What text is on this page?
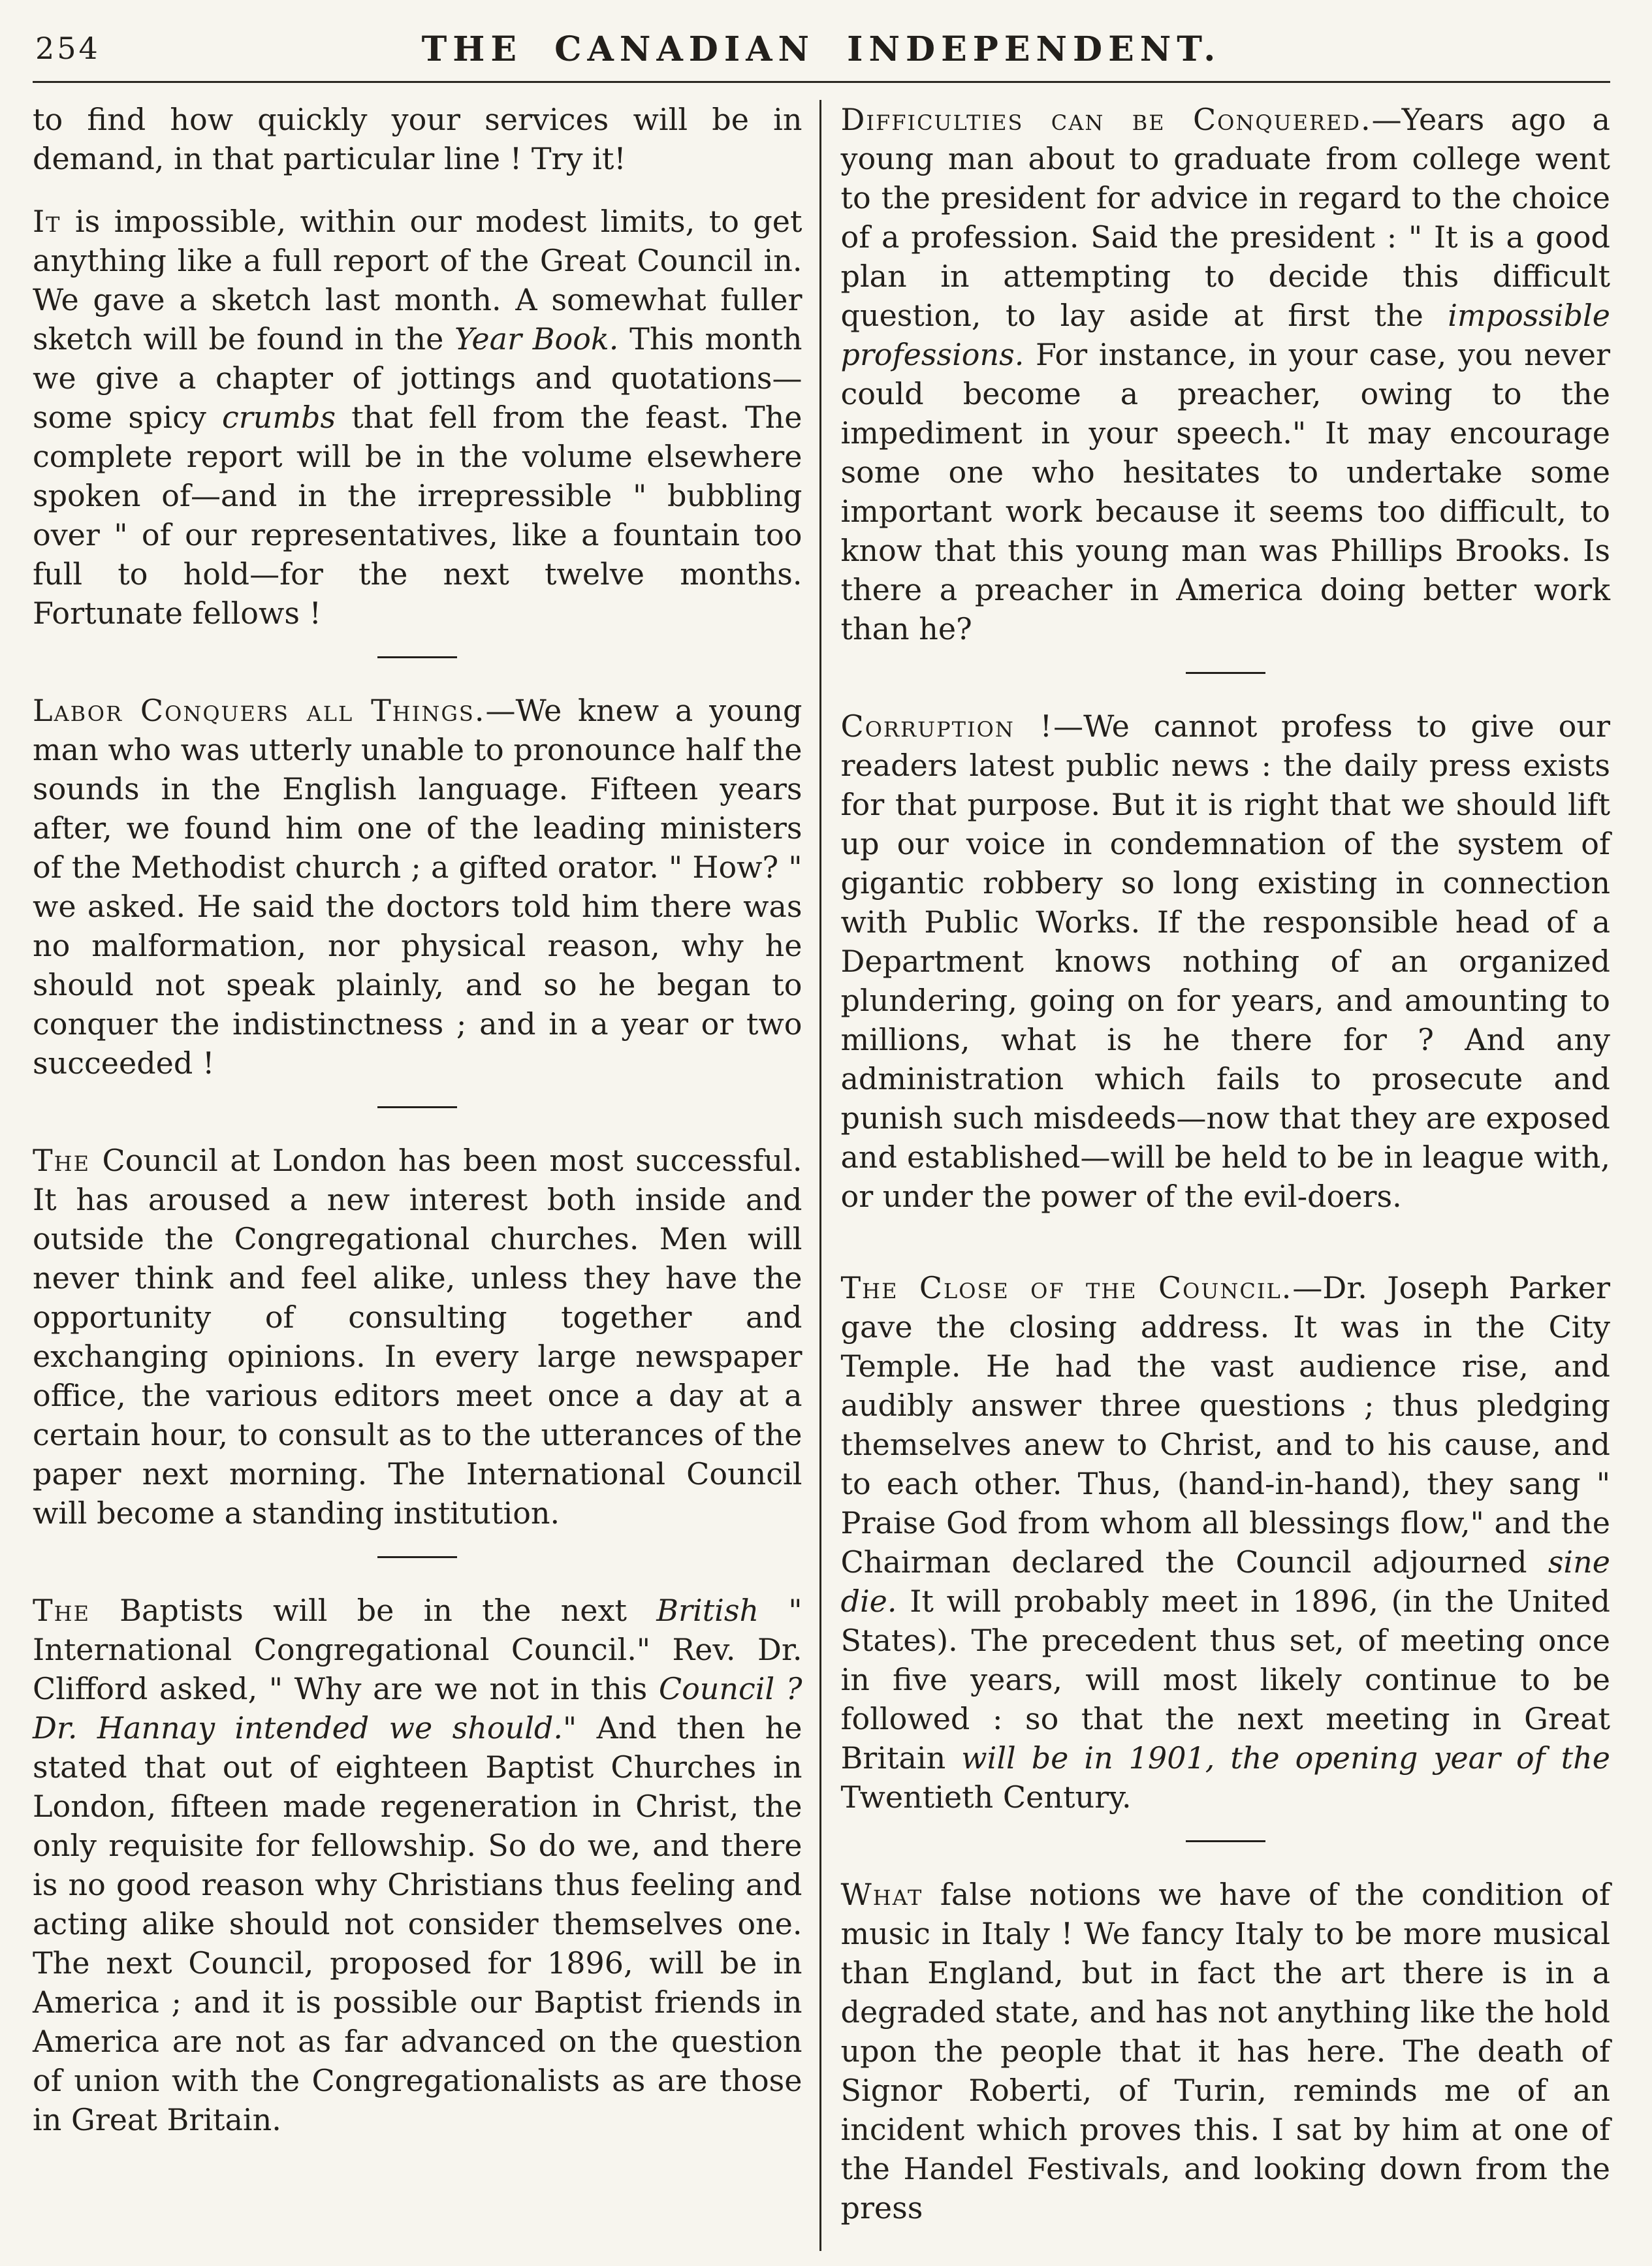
254	THE CANADIAN INDEPENDENT.

to find how quickly your services will be in demand, in that particular line ! Try it!

It is impossible, within our modest limits, to get anything like a full report of the Great Council in. We gave a sketch last month. A somewhat fuller sketch will be found in the Year Book. This month we give a chapter of jottings and quotations—some spicy crumbs that fell from the feast. The complete report will be in the volume elsewhere spoken of—and in the irrepressible " bubbling over " of our representatives, like a fountain too full to hold—for the next twelve months. Fortunate fellows !

Labor Conquers all Things.—We knew a young man who was utterly unable to pronounce half the sounds in the English language. Fifteen years after, we found him one of the leading ministers of the Methodist church ; a gifted orator. " How? " we asked. He said the doctors told him there was no malformation, nor physical reason, why he should not speak plainly, and so he began to conquer the indistinctness ; and in a year or two succeeded !

The Council at London has been most successful. It has aroused a new interest both inside and outside the Congregational churches. Men will never think and feel alike, unless they have the opportunity of consulting together and exchanging opinions. In every large newspaper office, the various editors meet once a day at a certain hour, to consult as to the utterances of the paper next morning. The International Council will become a standing institution.

The Baptists will be in the next British " International Congregational Council." Rev. Dr. Clifford asked, " Why are we not in this Council ? Dr. Hannay intended we should." And then he stated that out of eighteen Baptist Churches in London, fifteen made regeneration in Christ, the only requisite for fellowship. So do we, and there is no good reason why Christians thus feeling and acting alike should not consider themselves one. The next Council, proposed for 1896, will be in America ; and it is possible our Baptist friends in America are not as far advanced on the question of union with the Congregationalists as are those in Great Britain.

Difficulties can be Conquered.—Years ago a young man about to graduate from college went to the president for advice in regard to the choice of a profession. Said the president : " It is a good plan in attempting to decide this difficult question, to lay aside at first the impossible professions. For instance, in your case, you never could become a preacher, owing to the impediment in your speech." It may encourage some one who hesitates to undertake some important work because it seems too difficult, to know that this young man was Phillips Brooks. Is there a preacher in America doing better work than he?

Corruption !—We cannot profess to give our readers latest public news : the daily press exists for that purpose. But it is right that we should lift up our voice in condemnation of the system of gigantic robbery so long existing in connection with Public Works. If the responsible head of a Department knows nothing of an organized plundering, going on for years, and amounting to millions, what is he there for ? And any administration which fails to prosecute and punish such misdeeds—now that they are exposed and established—will be held to be in league with, or under the power of the evil-doers.

The Close of the Council.—Dr. Joseph Parker gave the closing address. It was in the City Temple. He had the vast audience rise, and audibly answer three questions ; thus pledging themselves anew to Christ, and to his cause, and to each other. Thus, (hand-in-hand), they sang " Praise God from whom all blessings flow," and the Chairman declared the Council adjourned sine die. It will probably meet in 1896, (in the United States). The precedent thus set, of meeting once in five years, will most likely continue to be followed : so that the next meeting in Great Britain will be in 1901, the opening year of the Twentieth Century.

What false notions we have of the condition of music in Italy ! We fancy Italy to be more musical than England, but in fact the art there is in a degraded state, and has not anything like the hold upon the people that it has here. The death of Signor Roberti, of Turin, reminds me of an incident which proves this. I sat by him at one of the Handel Festivals, and looking down from the press
